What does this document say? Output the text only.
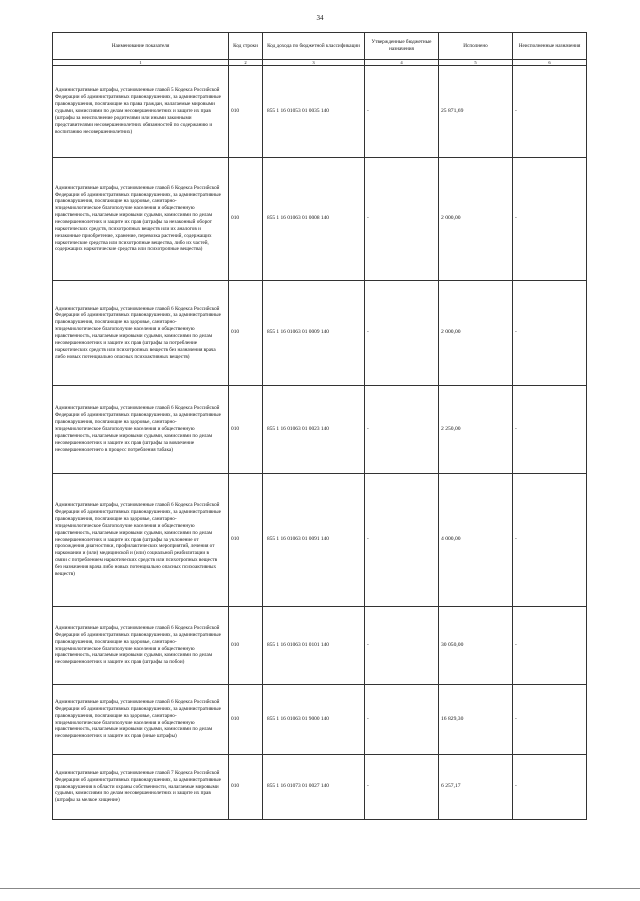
34
Наименование показателя	Код строки	Код дохода по бюджетной классификации	Утвержденные бюджетные назначения	Исполнено	Неисполненные назначения
1	2	3	4	5	6
Административные штрафы, установленные главой 5 Кодекса Российской Федерации об административных правонарушениях, за административные правонарушения, посягающие на права граждан, налагаемые мировыми судьями, комиссиями по делам несовершеннолетних и защите их прав (штрафы за неисполнение родителями или иными законными представителями несовершеннолетних обязанностей по содержанию и воспитанию несовершеннолетних)	010	855 1 16 01053 01 0035 140	-	25 871,69	-
Административные штрафы, установленные главой 6 Кодекса Российской Федерации об административных правонарушениях, за административные правонарушения, посягающие на здоровье, санитарно-эпидемиологическое благополучие населения и общественную нравственность, налагаемые мировыми судьями, комиссиями по делам несовершеннолетних и защите их прав (штрафы за незаконный оборот наркотических средств, психотропных веществ или их аналогов и незаконные приобретение, хранение, перевозка растений, содержащих наркотические средства или психотропные вещества, либо их частей, содержащих наркотические средства или психотропные вещества)	010	855 1 16 01063 01 0008 140	-	2 000,00	-
Административные штрафы, установленные главой 6 Кодекса Российской Федерации об административных правонарушениях, за административные правонарушения, посягающие на здоровье, санитарно-эпидемиологическое благополучие населения и общественную нравственность, налагаемые мировыми судьями, комиссиями по делам несовершеннолетних и защите их прав (штрафы за потребление наркотических средств или психотропных веществ без назначения врача либо новых потенциально опасных психоактивных веществ)	010	855 1 16 01063 01 0009 140	-	2 000,00	-
Административные штрафы, установленные главой 6 Кодекса Российской Федерации об административных правонарушениях, за административные правонарушения, посягающие на здоровье, санитарно-эпидемиологическое благополучие населения и общественную нравственность, налагаемые мировыми судьями, комиссиями по делам несовершеннолетних и защите их прав (штрафы за вовлечение несовершеннолетнего в процесс потребления табака)	010	855 1 16 01063 01 0023 140	-	2 250,00	-
Административные штрафы, установленные главой 6 Кодекса Российской Федерации об административных правонарушениях, за административные правонарушения, посягающие на здоровье, санитарно-эпидемиологическое благополучие населения и общественную нравственность, налагаемые мировыми судьями, комиссиями по делам несовершеннолетних и защите их прав (штрафы за уклонение от прохождения диагностики, профилактических мероприятий, лечения от наркомании и (или) медицинской и (или) социальной реабилитации в связи с потреблением наркотических средств или психотропных веществ без назначения врача либо новых потенциально опасных психоактивных веществ)	010	855 1 16 01063 01 0091 140	-	4 000,00	-
Административные штрафы, установленные главой 6 Кодекса Российской Федерации об административных правонарушениях, за административные правонарушения, посягающие на здоровье, санитарно-эпидемиологическое благополучие населения и общественную нравственность, налагаемые мировыми судьями, комиссиями по делам несовершеннолетних и защите их прав (штрафы за побои)	010	855 1 16 01063 01 0101 140	-	30 050,00	-
Административные штрафы, установленные главой 6 Кодекса Российской Федерации об административных правонарушениях, за административные правонарушения, посягающие на здоровье, санитарно-эпидемиологическое благополучие населения и общественную нравственность, налагаемые мировыми судьями, комиссиями по делам несовершеннолетних и защите их прав (иные штрафы)	010	855 1 16 01063 01 9000 140	-	16 829,30	-
Административные штрафы, установленные главой 7 Кодекса Российской Федерации об административных правонарушениях, за административные правонарушения в области охраны собственности, налагаемые мировыми судьями, комиссиями по делам несовершеннолетних и защите их прав (штрафы за мелкое хищение)	010	855 1 16 01073 01 0027 140	-	6 257,17	-
